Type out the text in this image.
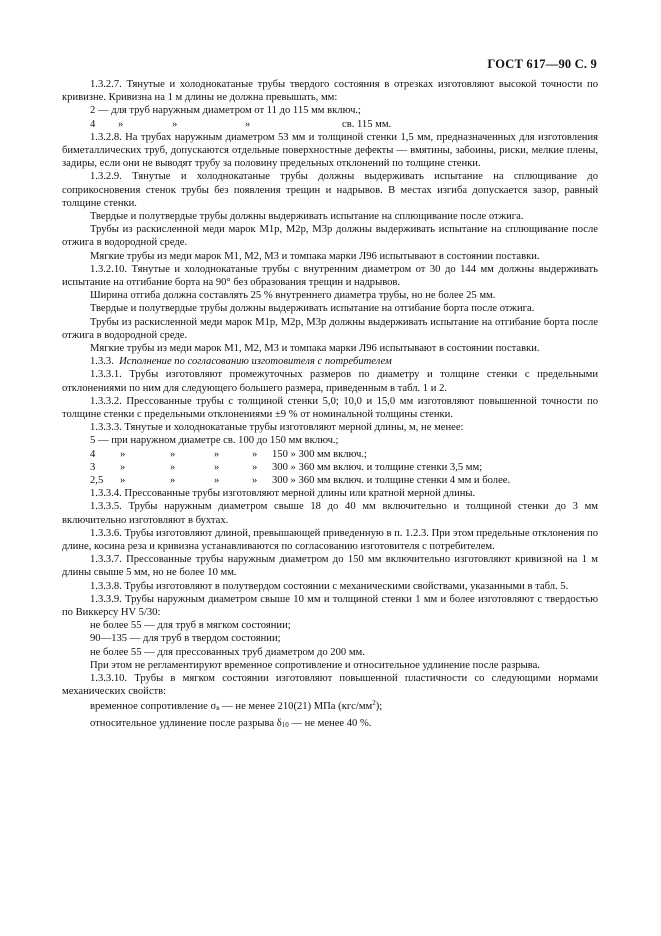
ГОСТ 617—90 С. 9

1.3.2.7. Тянутые и холоднокатаные трубы твердого состояния в отрезках изготовляют высокой точности по кривизне. Кривизна на 1 м длины не должна превышать, мм:

2 — для труб наружным диаметром от 11 до 115 мм включ.;

4 »	»	»	св. 115 мм.

1.3.2.8. На трубах наружным диаметром 53 мм и толщиной стенки 1,5 мм, предназначенных для изготовления биметаллических труб, допускаются отдельные поверхностные дефекты — вмятины, забоины, риски, мелкие плены, задиры, если они не выводят трубу за половину предельных отклонений по толщине стенки.

1.3.2.9. Тянутые и холоднокатаные трубы должны выдерживать испытание на сплющивание до соприкосновения стенок трубы без появления трещин и надрывов. В местах изгиба допускается зазор, равный толщине стенки.

Твердые и полутвердые трубы должны выдерживать испытание на сплющивание после отжига.

Трубы из раскисленной меди марок М1р, М2р, М3р должны выдерживать испытание на сплющивание после отжига в водородной среде.

Мягкие трубы из меди марок М1, М2, М3 и томпака марки Л96 испытывают в состоянии поставки.

1.3.2.10. Тянутые и холоднокатаные трубы с внутренним диаметром от 30 до 144 мм должны выдерживать испытание на отгибание борта на 90° без образования трещин и надрывов.

Ширина отгиба должна составлять 25 % внутреннего диаметра трубы, но не более 25 мм.

Твердые и полутвердые трубы должны выдерживать испытание на отгибание борта после отжига.

Трубы из раскисленной меди марок М1р, М2р, М3р должны выдерживать испытание на отгибание борта после отжига в водородной среде.

Мягкие трубы из меди марок М1, М2, М3 и томпака марки Л96 испытывают в состоянии поставки.

1.3.3. Исполнение по согласованию изготовителя с потребителем

1.3.3.1. Трубы изготовляют промежуточных размеров по диаметру и толщине стенки с предельными отклонениями по ним для следующего большего размера, приведенным в табл. 1 и 2.

1.3.3.2. Прессованные трубы с толщиной стенки 5,0; 10,0 и 15,0 мм изготовляют повышенной точности по толщине стенки с предельными отклонениями ±9 % от номинальной толщины стенки.

1.3.3.3. Тянутые и холоднокатаные трубы изготовляют мерной длины, м, не менее:

5 — при наружном диаметре св. 100 до 150 мм включ.;

4 »	»	»	» 150 » 300 мм включ.;
3 »	»	»	» 300 » 360 мм включ. и толщине стенки 3,5 мм;
2,5 »	»	»	» 300 » 360 мм включ. и толщине стенки 4 мм и более.

1.3.3.4. Прессованные трубы изготовляют мерной длины или кратной мерной длины.

1.3.3.5. Трубы наружным диаметром свыше 18 до 40 мм включительно и толщиной стенки до 3 мм включительно изготовляют в бухтах.

1.3.3.6. Трубы изготовляют длиной, превышающей приведенную в п. 1.2.3. При этом предельные отклонения по длине, косина реза и кривизна устанавливаются по согласованию изготовителя с потребителем.

1.3.3.7. Прессованные трубы наружным диаметром до 150 мм включительно изготовляют кривизной на 1 м длины свыше 5 мм, но не более 10 мм.

1.3.3.8. Трубы изготовляют в полутвердом состоянии с механическими свойствами, указанными в табл. 5.

1.3.3.9. Трубы наружным диаметром свыше 10 мм и толщиной стенки 1 мм и более изготовляют с твердостью по Виккерсу HV 5/30:

не более 55 — для труб в мягком состоянии;

90—135 — для труб в твердом состоянии;

не более 55 — для прессованных труб диаметром до 200 мм.

При этом не регламентируют временное сопротивление и относительное удлинение после разрыва.

1.3.3.10. Трубы в мягком состоянии изготовляют повышенной пластичности со следующими нормами механических свойств:

временное сопротивление $\sigma_в$ — не менее 210(21) МПа $(кгс/мм^2)$;

относительное удлинение после разрыва $\delta_{10}$ — не менее 40 %.
